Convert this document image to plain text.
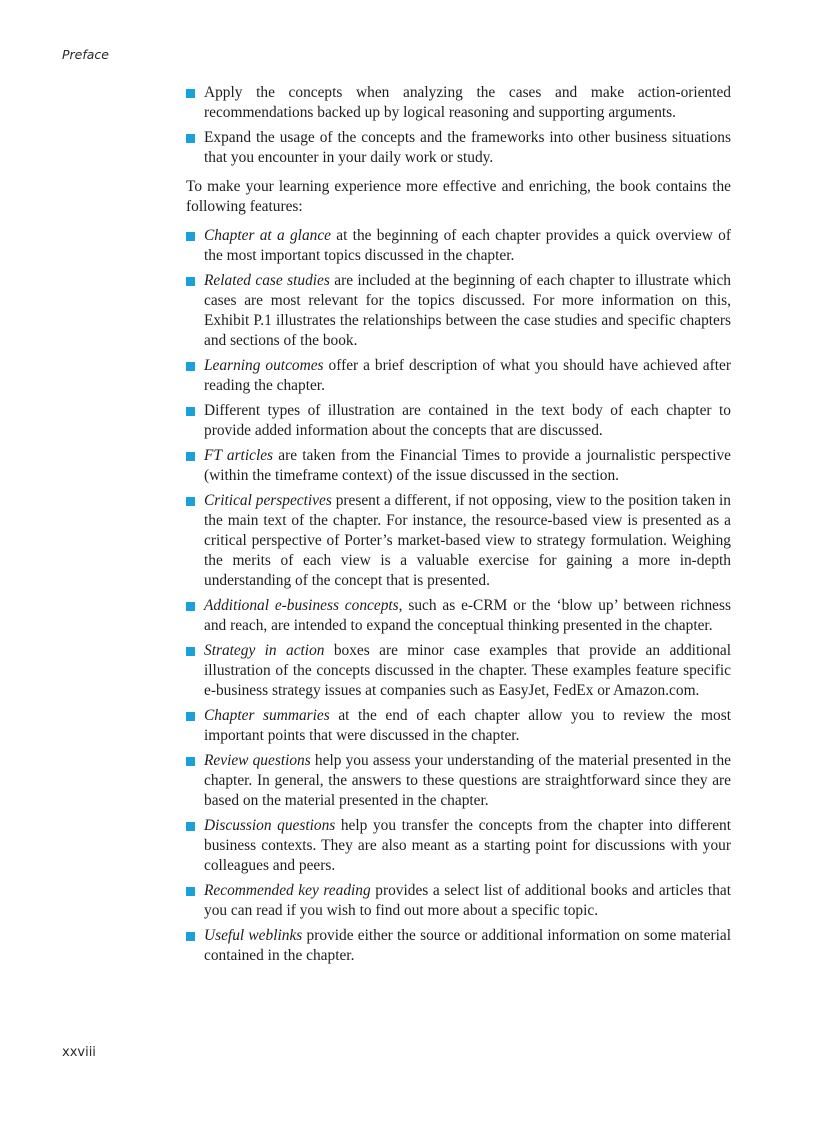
Preface
Apply the concepts when analyzing the cases and make action-oriented recommendations backed up by logical reasoning and supporting arguments.
Expand the usage of the concepts and the frameworks into other business situations that you encounter in your daily work or study.

To make your learning experience more effective and enriching, the book contains the following features:

Chapter at a glance at the beginning of each chapter provides a quick overview of the most important topics discussed in the chapter.
Related case studies are included at the beginning of each chapter to illustrate which cases are most relevant for the topics discussed. For more information on this, Exhibit P.1 illustrates the relationships between the case studies and specific chapters and sections of the book.
Learning outcomes offer a brief description of what you should have achieved after reading the chapter.
Different types of illustration are contained in the text body of each chapter to provide added information about the concepts that are discussed.
FT articles are taken from the Financial Times to provide a journalistic perspective (within the timeframe context) of the issue discussed in the section.
Critical perspectives present a different, if not opposing, view to the position taken in the main text of the chapter. For instance, the resource-based view is presented as a critical perspective of Porter’s market-based view to strategy formulation. Weighing the merits of each view is a valuable exercise for gaining a more in-depth understanding of the concept that is presented.
Additional e-business concepts, such as e-CRM or the ‘blow up’ between richness and reach, are intended to expand the conceptual thinking presented in the chapter.
Strategy in action boxes are minor case examples that provide an additional illustration of the concepts discussed in the chapter. These examples feature specific e-business strategy issues at companies such as EasyJet, FedEx or Amazon.com.
Chapter summaries at the end of each chapter allow you to review the most important points that were discussed in the chapter.
Review questions help you assess your understanding of the material presented in the chapter. In general, the answers to these questions are straightforward since they are based on the material presented in the chapter.
Discussion questions help you transfer the concepts from the chapter into different business contexts. They are also meant as a starting point for discussions with your colleagues and peers.
Recommended key reading provides a select list of additional books and articles that you can read if you wish to find out more about a specific topic.
Useful weblinks provide either the source or additional information on some material contained in the chapter.
xxviii
